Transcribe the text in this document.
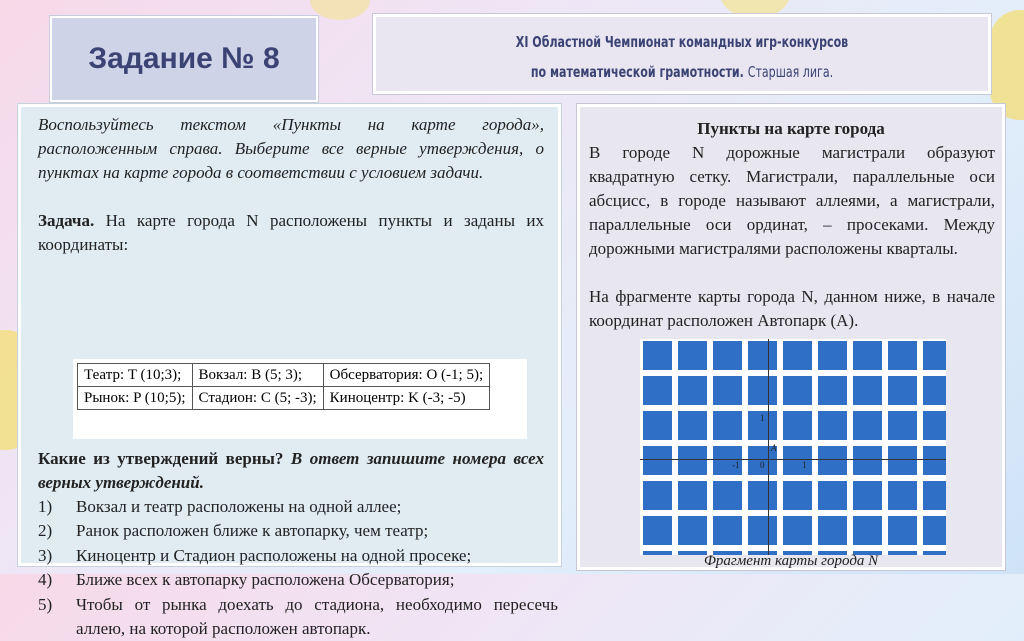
Задание № 8	XI Областной Чемпионат командных игр-конкурсов
по математической грамотности. Старшая лига.
Воспользуйтесь текстом «Пункты на карте города», расположенным справа. Выберите все верные утверждения, о пунктах на карте города в соответствии с условием задачи.
Задача. На карте города N расположены пункты и заданы их координаты:
Театр: T (10;3);	Вокзал: B (5; 3);	Обсерватория: O (-1; 5);
Рынок: P (10;5);	Стадион: C (5; -3);	Киноцентр: K (-3; -5)
Какие из утверждений верны? В ответ запишите номера всех верных утверждений.
1)	Вокзал и театр расположены на одной аллее;
2)	Ранок расположен ближе к автопарку, чем театр;
3)	Киноцентр и Стадион расположены на одной просеке;
4)	Ближе всех к автопарку расположена Обсерватория;
5)	Чтобы от рынка доехать до стадиона, необходимо пересечь аллею, на которой расположен автопарк.
Пункты на карте города
В городе N дорожные магистрали образуют квадратную сетку. Магистрали, параллельные оси абсцисс, в городе называют аллеями, а магистрали, параллельные оси ординат, – просеками. Между дорожными магистралями расположены кварталы.
На фрагменте карты города N, данном ниже, в начале координат расположен Автопарк (А).
1
-1	1
0
A
Фрагмент карты города N
